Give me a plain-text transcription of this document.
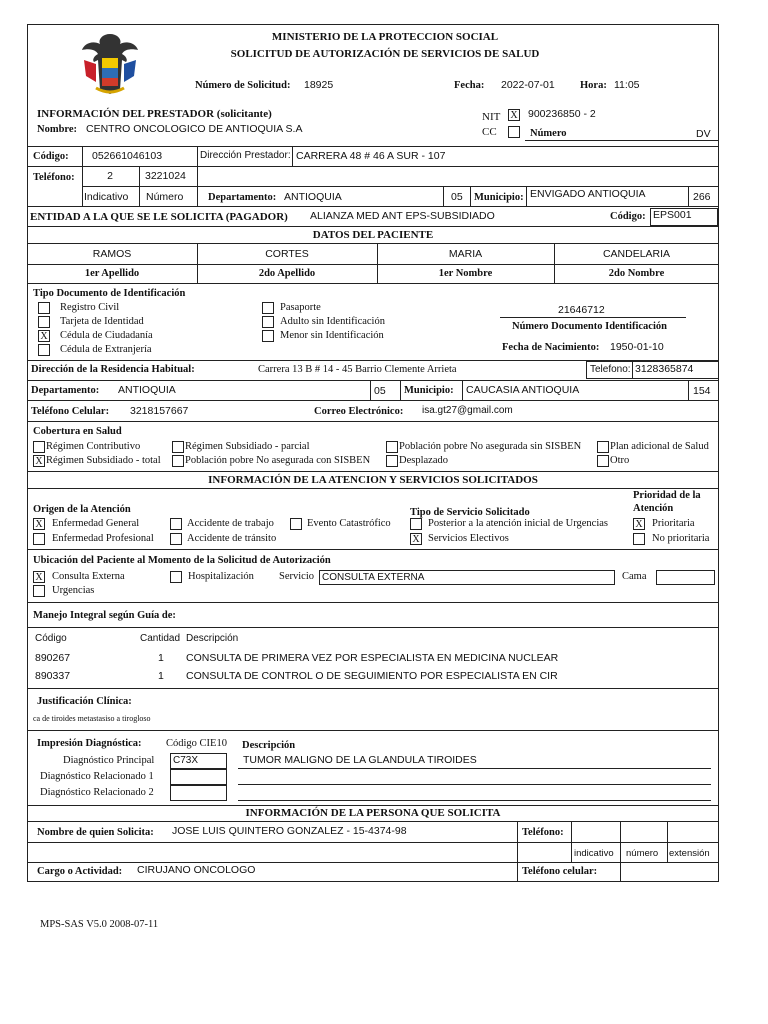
MINISTERIO DE LA PROTECCION SOCIAL
SOLICITUD DE AUTORIZACIÓN DE SERVICIOS DE SALUD
Número de Solicitud: 18925	Fecha: 2022-07-01 Hora: 11:05
INFORMACIÓN DEL PRESTADOR (solicitante)
Nombre: CENTRO ONCOLOGICO DE ANTIOQUIA S.A
NIT X 900236850 - 2
CC	Número	DV
Código: 052661046103	Dirección Prestador: CARRERA 48 # 46 A SUR - 107
Teléfono:	2	3221024
Indicativo Número Departamento: ANTIOQUIA	05 Municipio: ENVIGADO ANTIOQUIA	266
ENTIDAD A LA QUE SE LE SOLICITA (PAGADOR) ALIANZA MED ANT EPS-SUBSIDIADO	Código: EPS001
DATOS DEL PACIENTE
RAMOS	CORTES	MARIA	CANDELARIA
1er Apellido	2do Apellido	1er Nombre	2do Nombre
Tipo Documento de Identificación
Registro Civil
Tarjeta de Identidad
X Cédula de Ciudadanía
Cédula de Extranjería
Pasaporte
Adulto sin Identificación
Menor sin Identificación
21646712
Número Documento Identificación
Fecha de Nacimiento: 1950-01-10
Dirección de la Residencia Habitual:	Carrera 13 B # 14 - 45 Barrio Clemente Arrieta	Telefono: 3128365874
Departamento: ANTIOQUIA	05 Municipio: CAUCASIA ANTIOQUIA	154
Teléfono Celular: 3218157667	Correo Electrónico: isa.gt27@gmail.com
Cobertura en Salud
Régimen Contributivo
X Régimen Subsidiado - total
Régimen Subsidiado - parcial
Población pobre No asegurada con SISBEN
Población pobre No asegurada sin SISBEN
Desplazado
Plan adicional de Salud
Otro
INFORMACIÓN DE LA ATENCION Y SERVICIOS SOLICITADOS
Origen de la Atención
X Enfermedad General
Enfermedad Profesional
Accidente de trabajo
Accidente de tránsito
Evento Catastrófico
Tipo de Servicio Solicitado
Posterior a la atención inicial de Urgencias
X Servicios Electivos
Prioridad de la
Atención
X Prioritaria
No prioritaria
Ubicación del Paciente al Momento de la Solicitud de Autorización
X Consulta Externa
Urgencias
Hospitalización Servicio CONSULTA EXTERNA	Cama
Manejo Integral según Guía de:
Código	Cantidad Descripción
890267	1 CONSULTA DE PRIMERA VEZ POR ESPECIALISTA EN MEDICINA NUCLEAR
890337	1 CONSULTA DE CONTROL O DE SEGUIMIENTO POR ESPECIALISTA EN CIR
Justificación Clínica:
ca de tiroides metastasiso a tirogloso
Impresión Diagnóstica: Código CIE10 Descripción
Diagnóstico Principal	C73X	TUMOR MALIGNO DE LA GLANDULA TIROIDES
Diagnóstico Relacionado 1
Diagnóstico Relacionado 2
INFORMACIÓN DE LA PERSONA QUE SOLICITA
Nombre de quien Solicita: JOSE LUIS QUINTERO GONZALEZ - 15-4374-98	Teléfono:
indicativo número extensión
Cargo o Actividad: CIRUJANO ONCOLOGO	Teléfono celular:
MPS-SAS V5.0 2008-07-11
